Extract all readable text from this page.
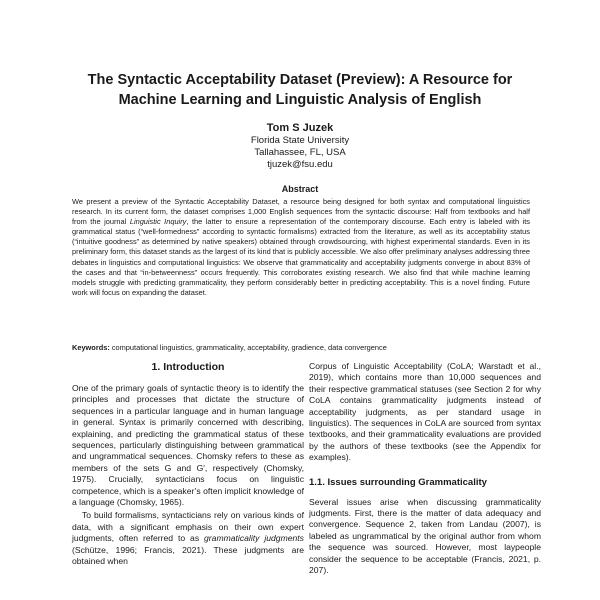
The Syntactic Acceptability Dataset (Preview): A Resource for
Machine Learning and Linguistic Analysis of English
Tom S Juzek
Florida State University
Tallahassee, FL, USA
tjuzek@fsu.edu
Abstract

We present a preview of the Syntactic Acceptability Dataset, a resource being designed for both syntax and computational linguistics research. In its current form, the dataset comprises 1,000 English sequences from the syntactic discourse: Half from textbooks and half from the journal Linguistic Inquiry, the latter to ensure a representation of the contemporary discourse. Each entry is labeled with its grammatical status (“well-formedness” according to syntactic formalisms) extracted from the literature, as well as its acceptability status (“intuitive goodness” as determined by native speakers) obtained through crowdsourcing, with highest experimental standards. Even in its preliminary form, this dataset stands as the largest of its kind that is publicly accessible. We also offer preliminary analyses addressing three debates in linguistics and computational linguistics: We observe that grammaticality and acceptability judgments converge in about 83% of the cases and that “in-betweenness” occurs frequently. This corroborates existing research. We also find that while machine learning models struggle with predicting grammaticality, they perform considerably better in predicting acceptability. This is a novel finding. Future work will focus on expanding the dataset.

Keywords: computational linguistics, grammaticality, acceptability, gradience, data convergence
1. Introduction

One of the primary goals of syntactic theory is to identify the principles and processes that dictate the structure of sequences in a particular language and in human language in general. Syntax is primarily concerned with describing, explaining, and predicting the grammatical status of these sequences, particularly distinguishing between grammatical and ungrammatical sequences. Chomsky refers to these as members of the sets G and G′, respectively (Chomsky, 1975). Crucially, syntacticians focus on linguistic competence, which is a speaker’s often implicit knowledge of a language (Chomsky, 1965).

To build formalisms, syntacticians rely on various kinds of data, with a significant emphasis on their own expert judgments, often referred to as grammaticality judgments (Schütze, 1996; Francis, 2021). These judgments are obtained when

Corpus of Linguistic Acceptability (CoLA; Warstadt et al., 2019), which contains more than 10,000 sequences and their respective grammatical statuses (see Section 2 for why CoLA contains grammaticality judgments instead of acceptability judgments, as per standard usage in linguistics). The sequences in CoLA are sourced from syntax textbooks, and their grammaticality evaluations are provided by the authors of these textbooks (see the Appendix for examples).

1.1. Issues surrounding Grammaticality

Several issues arise when discussing grammaticality judgments. First, there is the matter of data adequacy and convergence. Sequence 2, taken from Landau (2007), is labeled as ungrammatical by the original author from whom the sequence was sourced. However, most laypeople consider the sequence to be acceptable (Francis, 2021, p. 207).
